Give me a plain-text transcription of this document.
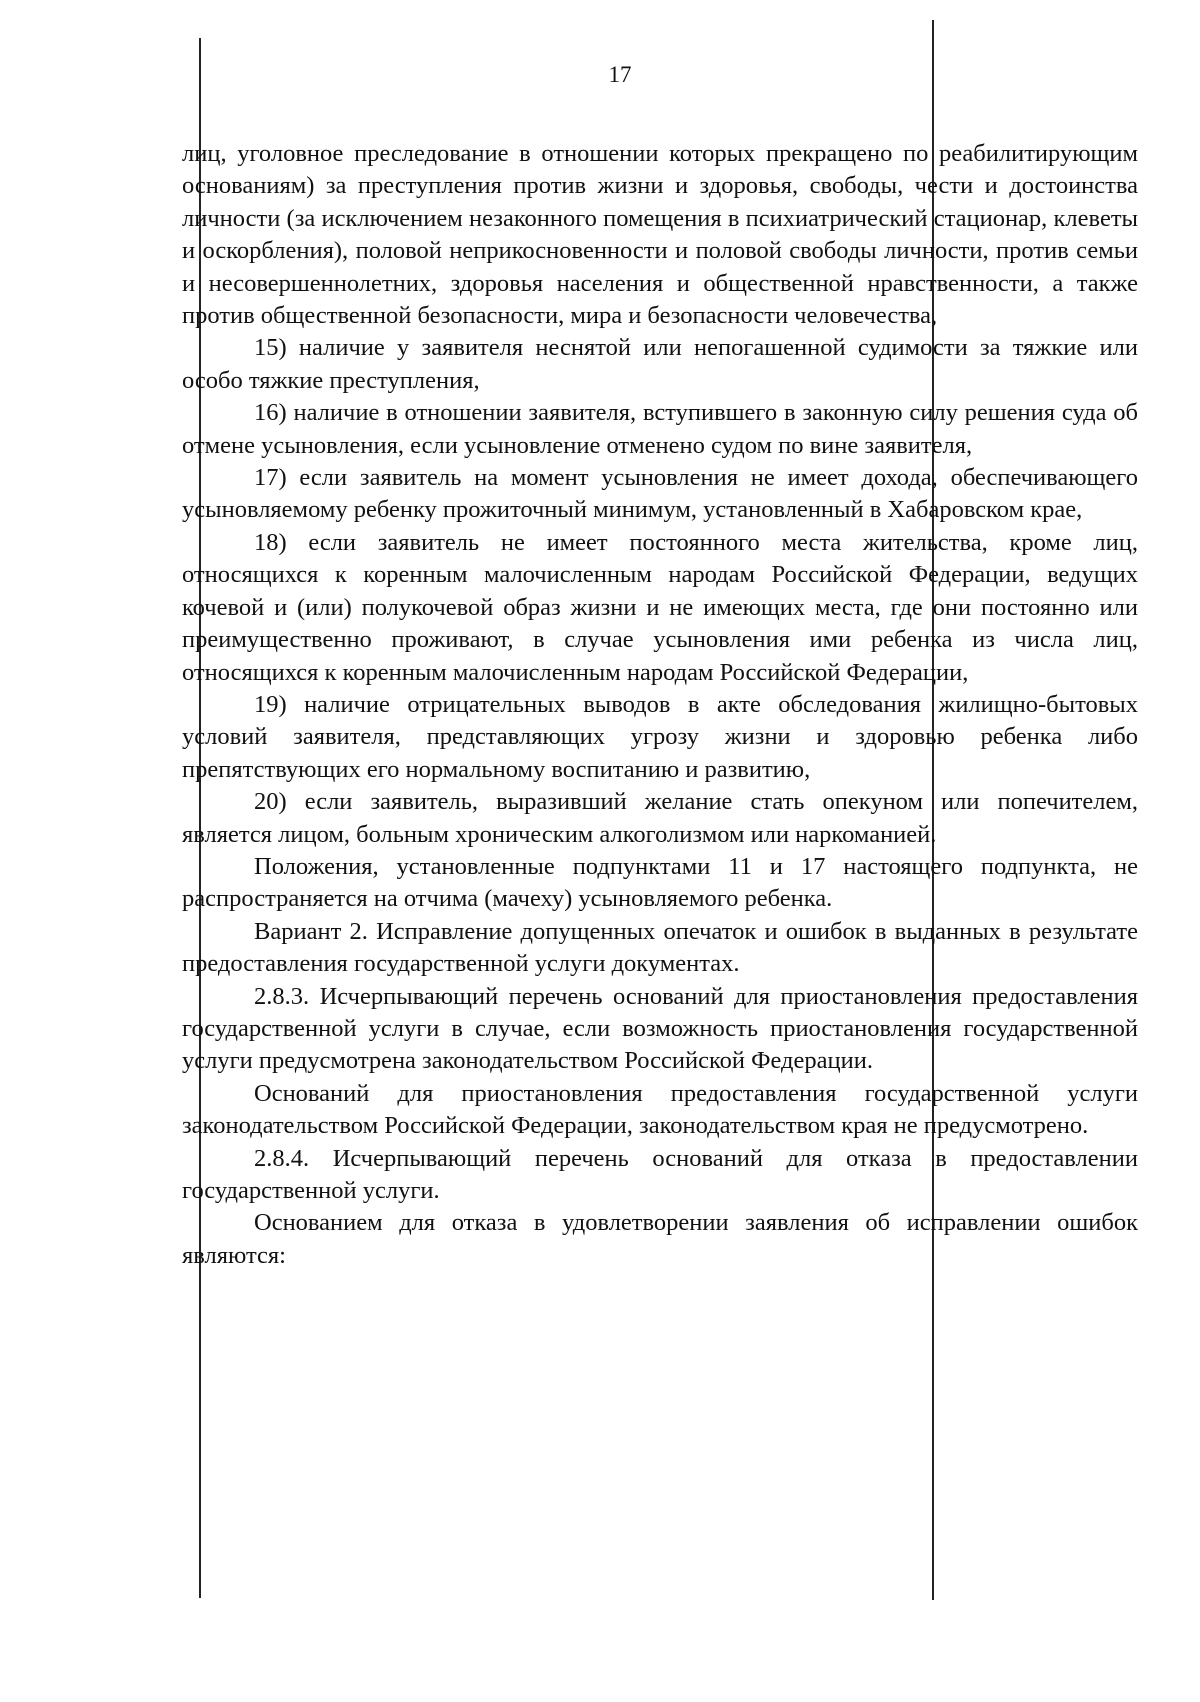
17

лиц, уголовное преследование в отношении которых прекращено по реабилитирующим основаниям) за преступления против жизни и здоровья, свободы, чести и достоинства личности (за исключением незаконного помещения в психиатрический стационар, клеветы и оскорбления), половой неприкосновенности и половой свободы личности, против семьи и несовершеннолетних, здоровья населения и общественной нравственности, а также против общественной безопасности, мира и безопасности человечества,

15) наличие у заявителя неснятой или непогашенной судимости за тяжкие или особо тяжкие преступления,

16) наличие в отношении заявителя, вступившего в законную силу решения суда об отмене усыновления, если усыновление отменено судом по вине заявителя,

17) если заявитель на момент усыновления не имеет дохода, обеспечивающего усыновляемому ребенку прожиточный минимум, установленный в Хабаровском крае,

18) если заявитель не имеет постоянного места жительства, кроме лиц, относящихся к коренным малочисленным народам Российской Федерации, ведущих кочевой и (или) полукочевой образ жизни и не имеющих места, где они постоянно или преимущественно проживают, в случае усыновления ими ребенка из числа лиц, относящихся к коренным малочисленным народам Российской Федерации,

19) наличие отрицательных выводов в акте обследования жилищно-бытовых условий заявителя, представляющих угрозу жизни и здоровью ребенка либо препятствующих его нормальному воспитанию и развитию,

20) если заявитель, выразивший желание стать опекуном или попечителем, является лицом, больным хроническим алкоголизмом или наркоманией.

Положения, установленные подпунктами 11 и 17 настоящего подпункта, не распространяется на отчима (мачеху) усыновляемого ребенка.

Вариант 2. Исправление допущенных опечаток и ошибок в выданных в результате предоставления государственной услуги документах.

2.8.3. Исчерпывающий перечень оснований для приостановления предоставления государственной услуги в случае, если возможность приостановления государственной услуги предусмотрена законодательством Российской Федерации.

Оснований для приостановления предоставления государственной услуги законодательством Российской Федерации, законодательством края не предусмотрено.

2.8.4. Исчерпывающий перечень оснований для отказа в предоставлении государственной услуги.

Основанием для отказа в удовлетворении заявления об исправлении ошибок являются:
